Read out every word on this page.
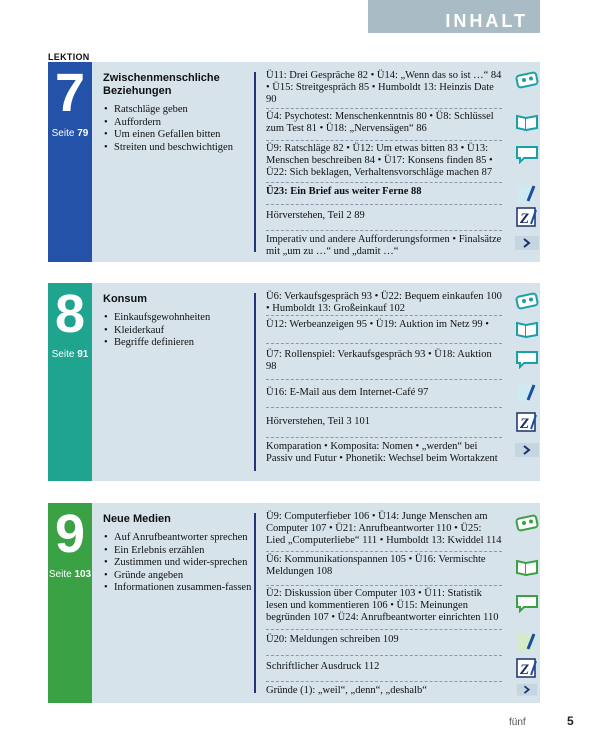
INHALT
LEKTION
7
Seite 79
Zwischenmenschliche Beziehungen
• Ratschläge geben
• Auffordern
• Um einen Gefallen bitten
• Streiten und beschwichtigen
Ü11: Drei Gespräche 82 • Ü14: „Wenn das so ist …“ 84 • Ü15: Streitgespräch 85 • Humboldt 13: Heinzis Date 90
Ü4: Psychotest: Menschenkenntnis 80 • Ü8: Schlüssel zum Test 81 • Ü18: „Nervensägen“ 86
Ü9: Ratschläge 82 • Ü12: Um etwas bitten 83 • Ü13: Menschen beschreiben 84 • Ü17: Konsens finden 85 • Ü22: Sich beklagen, Verhaltensvorschläge machen 87
Ü23: Ein Brief aus weiter Ferne 88
Hörverstehen, Teil 2 89	Z
Imperativ und andere Aufforderungsformen • Finalsätze mit „um zu …“ und „damit …“
8
Seite 91
Konsum
• Einkaufsgewohnheiten
• Kleiderkauf
• Begriffe definieren
Ü6: Verkaufsgespräch 93 • Ü22: Bequem einkaufen 100 • Humboldt 13: Großeinkauf 102
Ü12: Werbeanzeigen 95 • Ü19: Auktion im Netz 99 •
Ü7: Rollenspiel: Verkaufsgespräch 93 • Ü18: Auktion 98
Ü16: E-Mail aus dem Internet-Café 97
Hörverstehen, Teil 3 101	Z
Komparation • Komposita: Nomen • „werden“ bei Passiv und Futur • Phonetik: Wechsel beim Wortakzent
9
Seite 103
Neue Medien
• Auf Anrufbeantworter sprechen
• Ein Erlebnis erzählen
• Zustimmen und wider-sprechen
• Gründe angeben
• Informationen zusammen-fassen
Ü9: Computerfieber 106 • Ü14: Junge Menschen am Computer 107 • Ü21: Anrufbeantworter 110 • Ü25: Lied „Computerliebe“ 111 • Humboldt 13: Kwiddel 114
Ü6: Kommunikationspannen 105 • Ü16: Vermischte Meldungen 108
Ü2: Diskussion über Computer 103 • Ü11: Statistik lesen und kommentieren 106 • Ü15: Meinungen begründen 107 • Ü24: Anrufbeantworter einrichten 110
Ü20: Meldungen schreiben 109
Schriftlicher Ausdruck 112	Z
Gründe (1): „weil“, „denn“, „deshalb“
fünf	5
